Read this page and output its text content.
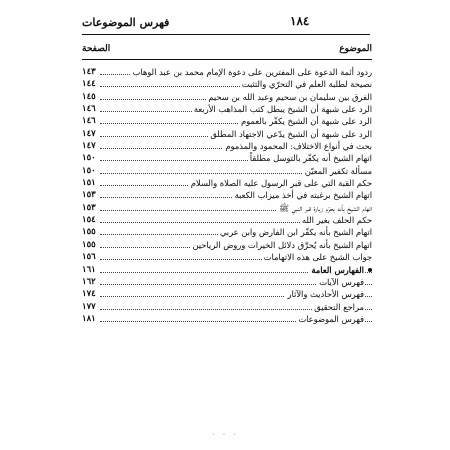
فهرس الموضوعات	١٨٤
الموضوع
الصفحة
ردود أئمة الدعوة على المفترين على دعوة الإمام محمد بن عبد الوهاب
١٤٣
نصيحة لطلبة العلم في التحرّي والتثبت
١٤٤
الفرق بين سليمان بن سحيم وعبد الله بن سحيم
١٤٥
الرد على شبهة أن الشيخ يبطل كتب المذاهب الأربعة
١٤٦
الرد على شبهة أن الشيخ يكفّر بالعموم
١٤٦
الرد على شبهة أن الشيخ يدّعي الاجتهاد المطلق
١٤٧
بحث في أنواع الاختلاف: المحمود والمذموم
١٤٧
اتهام الشيخ أنه يكفّر بالتوسل مطلقاً
١٥٠
مسألة تكفير المعيّن
١٥٠
حكم القبة التي على قبر الرسول عليه الصلاة والسلام
١٥١
اتهام الشيخ برغبته في أخذ ميزاب الكعبة
١٥٣
اتهام الشيخ بأنه يحرّم زيارة قبر النبي ﷺ
١٥٣
حكم الحلف بغير الله
١٥٤
اتهام الشيخ بأنه يكفّر ابن الفارض وابن عربي
١٥٥
اتهام الشيخ بأنه يُحرِّق دلائل الخيرات وروض الرياحين
١٥٥
جواب الشيخ على هذه الاتهامات
١٥٦
الفهارس العامة
١٦١
فهرس الآيات
١٦٢
فهرس الأحاديث والآثار
١٧٤
مراجع التحقيق
١٧٧
فهرس الموضوعات
١٨١
• • •
